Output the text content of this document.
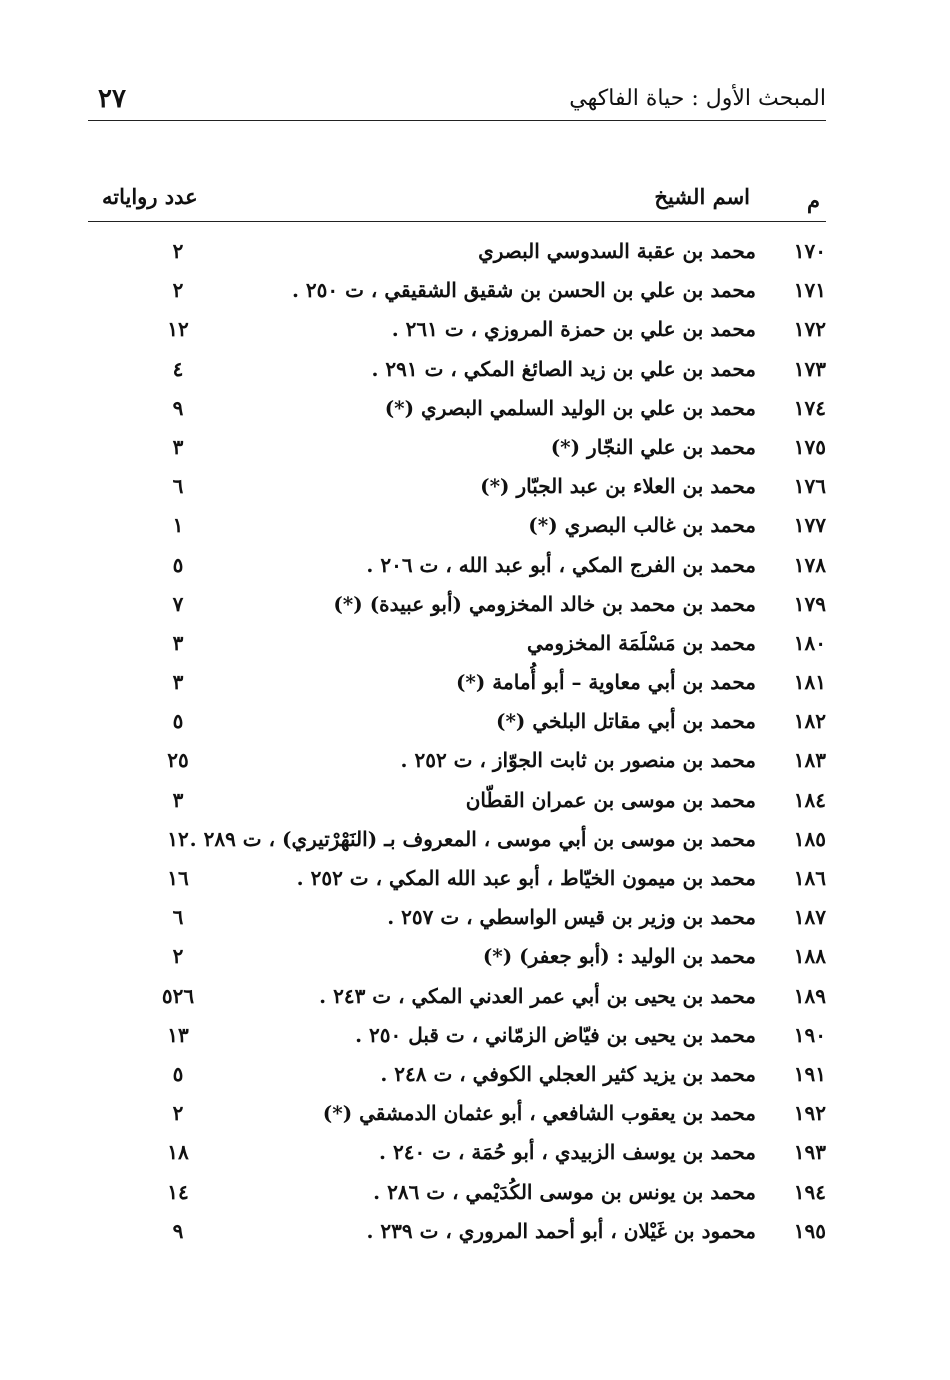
المبحث الأول : حياة الفاكهي
٢٧
م
اسم الشيخ
عدد رواياته
١٧٠
محمد بن عقبة السدوسي البصري
٢
١٧١
محمد بن علي بن الحسن بن شقيق الشقيقي ، ت ٢٥٠ .
٢
١٧٢
محمد بن علي بن حمزة المروزي ، ت ٢٦١ .
١٢
١٧٣
محمد بن علي بن زيد الصائغ المكي ، ت ٢٩١ .
٤
١٧٤
محمد بن علي بن الوليد السلمي البصري (*)
٩
١٧٥
محمد بن علي النجّار (*)
٣
١٧٦
محمد بن العلاء بن عبد الجبّار (*)
٦
١٧٧
محمد بن غالب البصري (*)
١
١٧٨
محمد بن الفرج المكي ، أبو عبد الله ، ت ٢٠٦ .
٥
١٧٩
محمد بن محمد بن خالد المخزومي (أبو عبيدة) (*)
٧
١٨٠
محمد بن مَسْلَمَة المخزومي
٣
١٨١
محمد بن أبي معاوية – أبو أُمامة (*)
٣
١٨٢
محمد بن أبي مقاتل البلخي (*)
٥
١٨٣
محمد بن منصور بن ثابت الجوّاز ، ت ٢٥٢ .
٢٥
١٨٤
محمد بن موسى بن عمران القطّان
٣
١٨٥
محمد بن موسى بن أبي موسى ، المعروف بـ (النَهْرْتيري) ، ت ٢٨٩ .
١٢
١٨٦
محمد بن ميمون الخيّاط ، أبو عبد الله المكي ، ت ٢٥٢ .
١٦
١٨٧
محمد بن وزير بن قيس الواسطي ، ت ٢٥٧ .
٦
١٨٨
محمد بن الوليد : (أبو جعفر) (*)
٢
١٨٩
محمد بن يحيى بن أبي عمر العدني المكي ، ت ٢٤٣ .
٥٢٦
١٩٠
محمد بن يحيى بن فيّاض الزمّاني ، ت قبل ٢٥٠ .
١٣
١٩١
محمد بن يزيد كثير العجلي الكوفي ، ت ٢٤٨ .
٥
١٩٢
محمد بن يعقوب الشافعي ، أبو عثمان الدمشقي (*)
٢
١٩٣
محمد بن يوسف الزبيدي ، أبو حُمَة ، ت ٢٤٠ .
١٨
١٩٤
محمد بن يونس بن موسى الكُدَيْمي ، ت ٢٨٦ .
١٤
١٩٥
محمود بن غَيْلان ، أبو أحمد المروري ، ت ٢٣٩ .
٩
